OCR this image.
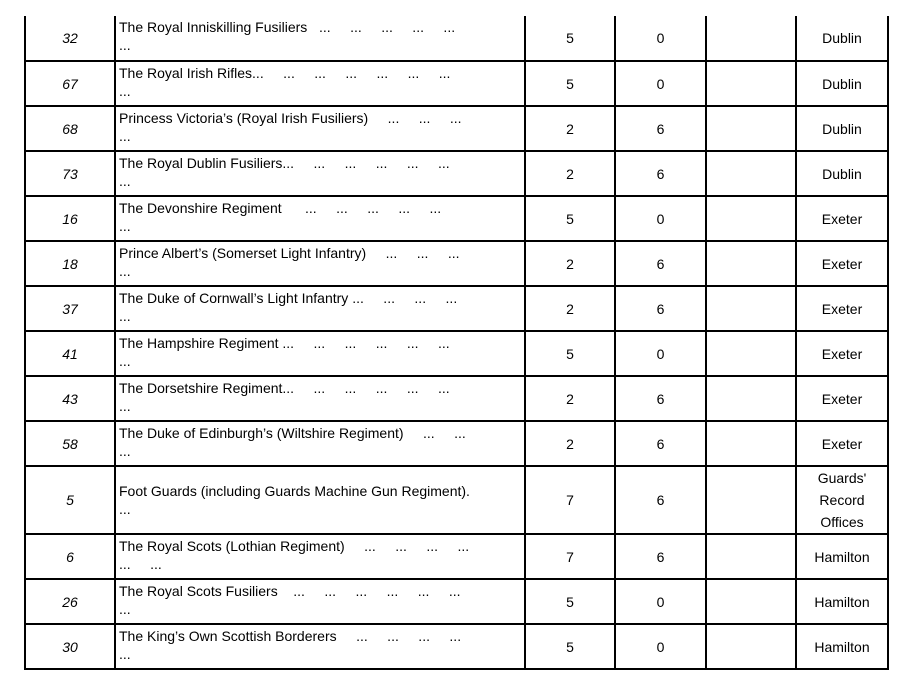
32	The Royal Inniskilling Fusiliers   ...     ...     ...     ...     ...
...	5	0		Dublin
67	The Royal Irish Rifles...     ...     ...     ...     ...     ...     ...
...	5	0		Dublin
68	Princess Victoria’s (Royal Irish Fusiliers)     ...     ...     ...
...	2	6		Dublin
73	The Royal Dublin Fusiliers...     ...     ...     ...     ...     ...
...	2	6		Dublin
16	The Devonshire Regiment      ...     ...     ...     ...     ...
...	5	0		Exeter
18	Prince Albert’s (Somerset Light Infantry)     ...     ...     ...
...	2	6		Exeter
37	The Duke of Cornwall’s Light Infantry ...     ...     ...     ...
...	2	6		Exeter
41	The Hampshire Regiment ...     ...     ...     ...     ...     ...
...	5	0		Exeter
43	The Dorsetshire Regiment...     ...     ...     ...     ...     ...
...	2	6		Exeter
58	The Duke of Edinburgh’s (Wiltshire Regiment)     ...     ...
...	2	6		Exeter
5	Foot Guards (including Guards Machine Gun Regiment).
...	7	6		Guards' Record Offices
6	The Royal Scots (Lothian Regiment)     ...     ...     ...     ...
...     ...	7	6		Hamilton
26	The Royal Scots Fusiliers    ...     ...     ...     ...     ...     ...
...	5	0		Hamilton
30	The King’s Own Scottish Borderers     ...     ...     ...     ...
...	5	0		Hamilton
